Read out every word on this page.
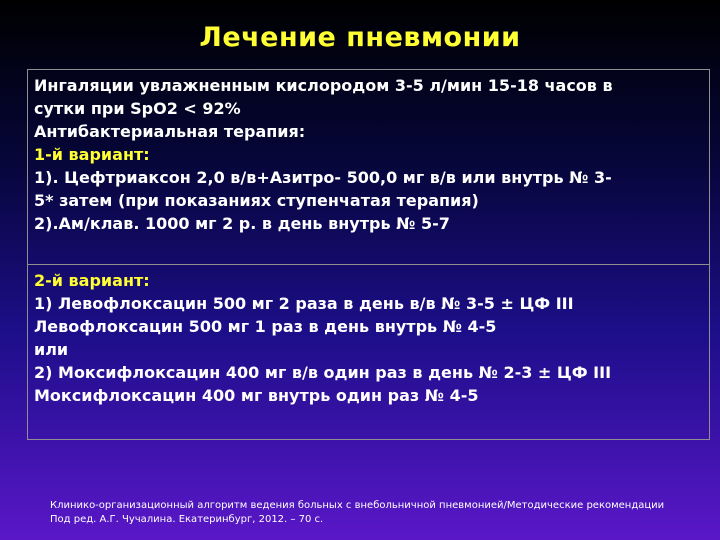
Лечение пневмонии
Ингаляции увлажненным кислородом 3-5 л/мин 15-18 часов в
сутки при SpO2 < 92%
Антибактериальная терапия:
1-й вариант:
1). Цефтриаксон 2,0 в/в+Азитро- 500,0 мг в/в или внутрь № 3-
5* затем (при показаниях ступенчатая терапия)
2).Ам/клав. 1000 мг 2 р. в день внутрь № 5-7
2-й вариант:
1) Левофлоксацин 500 мг 2 раза в день в/в № 3-5 ± ЦФ III
Левофлоксацин 500 мг 1 раз в день внутрь № 4-5
или
2) Моксифлоксацин 400 мг в/в один раз в день № 2-3 ± ЦФ III
Моксифлоксацин 400 мг внутрь один раз № 4-5
Клинико-организационный алгоритм ведения больных с внебольничной пневмонией/Методические рекомендации
Под ред. А.Г. Чучалина. Екатеринбург, 2012. – 70 с.
